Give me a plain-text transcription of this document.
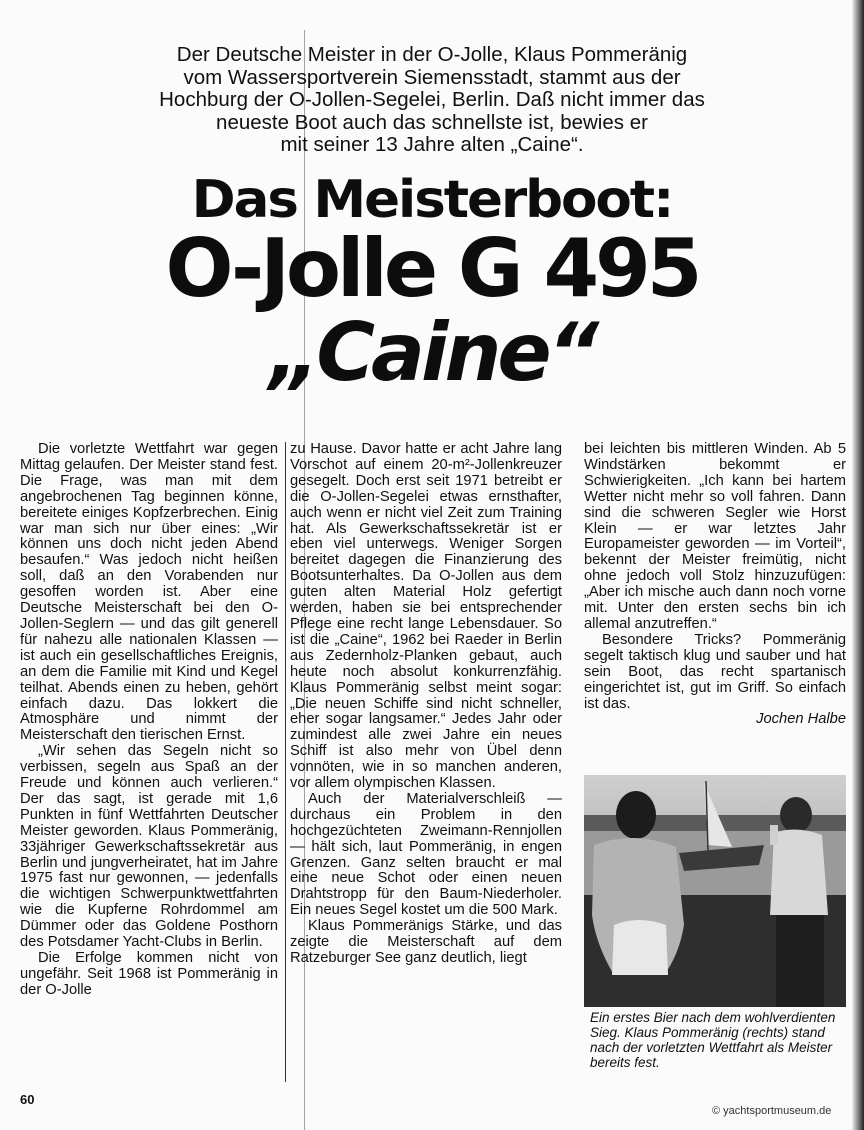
Der Deutsche Meister in der O-Jolle, Klaus Pommeränig
vom Wassersportverein Siemensstadt, stammt aus der
Hochburg der O-Jollen-Segelei, Berlin. Daß nicht immer das
neueste Boot auch das schnellste ist, bewies er
mit seiner 13 Jahre alten „Caine“.
Das Meisterboot:
O-Jolle G 495
„Caine“

Die vorletzte Wettfahrt war gegen Mittag gelaufen. Der Meister stand fest. Die Frage, was man mit dem angebrochenen Tag beginnen könne, bereitete einiges Kopfzerbrechen. Einig war man sich nur über eines: „Wir können uns doch nicht jeden Abend besaufen.“ Was jedoch nicht heißen soll, daß an den Vorabenden nur gesoffen worden ist. Aber eine Deutsche Meisterschaft bei den O-Jollen-Seglern — und das gilt generell für nahezu alle nationalen Klassen — ist auch ein gesellschaftliches Ereignis, an dem die Familie mit Kind und Kegel teilhat. Abends einen zu heben, gehört einfach dazu. Das lokkert die Atmosphäre und nimmt der Meisterschaft den tierischen Ernst.

„Wir sehen das Segeln nicht so verbissen, segeln aus Spaß an der Freude und können auch verlieren.“ Der das sagt, ist gerade mit 1,6 Punkten in fünf Wettfahrten Deutscher Meister geworden. Klaus Pommeränig, 33jähriger Gewerkschaftssekretär aus Berlin und jungverheiratet, hat im Jahre 1975 fast nur gewonnen, — jedenfalls die wichtigen Schwerpunktwettfahrten wie die Kupferne Rohrdommel am Dümmer oder das Goldene Posthorn des Potsdamer Yacht-Clubs in Berlin.

Die Erfolge kommen nicht von ungefähr. Seit 1968 ist Pommeränig in der O-Jolle

zu Hause. Davor hatte er acht Jahre lang Vorschot auf einem 20-m²-Jollenkreuzer gesegelt. Doch erst seit 1971 betreibt er die O-Jollen-Segelei etwas ernsthafter, auch wenn er nicht viel Zeit zum Training hat. Als Gewerkschaftssekretär ist er eben viel unterwegs. Weniger Sorgen bereitet dagegen die Finanzierung des Bootsunterhaltes. Da O-Jollen aus dem guten alten Material Holz gefertigt werden, haben sie bei entsprechender Pflege eine recht lange Lebensdauer. So ist die „Caine“, 1962 bei Raeder in Berlin aus Zedernholz-Planken gebaut, auch heute noch absolut konkurrenzfähig. Klaus Pommeränig selbst meint sogar: „Die neuen Schiffe sind nicht schneller, eher sogar langsamer.“ Jedes Jahr oder zumindest alle zwei Jahre ein neues Schiff ist also mehr von Übel denn vonnöten, wie in so manchen anderen, vor allem olympischen Klassen.

Auch der Materialverschleiß — durchaus ein Problem in den hochgezüchteten Zweimann-Rennjollen — hält sich, laut Pommeränig, in engen Grenzen. Ganz selten braucht er mal eine neue Schot oder einen neuen Drahtstropp für den Baum-Niederholer. Ein neues Segel kostet um die 500 Mark.

Klaus Pommeränigs Stärke, und das zeigte die Meisterschaft auf dem Ratzeburger See ganz deutlich, liegt

bei leichten bis mittleren Winden. Ab 5 Windstärken bekommt er Schwierigkeiten. „Ich kann bei hartem Wetter nicht mehr so voll fahren. Dann sind die schweren Segler wie Horst Klein — er war letztes Jahr Europameister geworden — im Vorteil“, bekennt der Meister freimütig, nicht ohne jedoch voll Stolz hinzuzufügen: „Aber ich mische auch dann noch vorne mit. Unter den ersten sechs bin ich allemal anzutreffen.“

Besondere Tricks? Pommeränig segelt taktisch klug und sauber und hat sein Boot, das recht spartanisch eingerichtet ist, gut im Griff. So einfach ist das.

Jochen Halbe
Ein erstes Bier nach dem wohlverdienten Sieg. Klaus Pommeränig (rechts) stand nach der vorletzten Wettfahrt als Meister bereits fest.
60
© yachtsportmuseum.de
